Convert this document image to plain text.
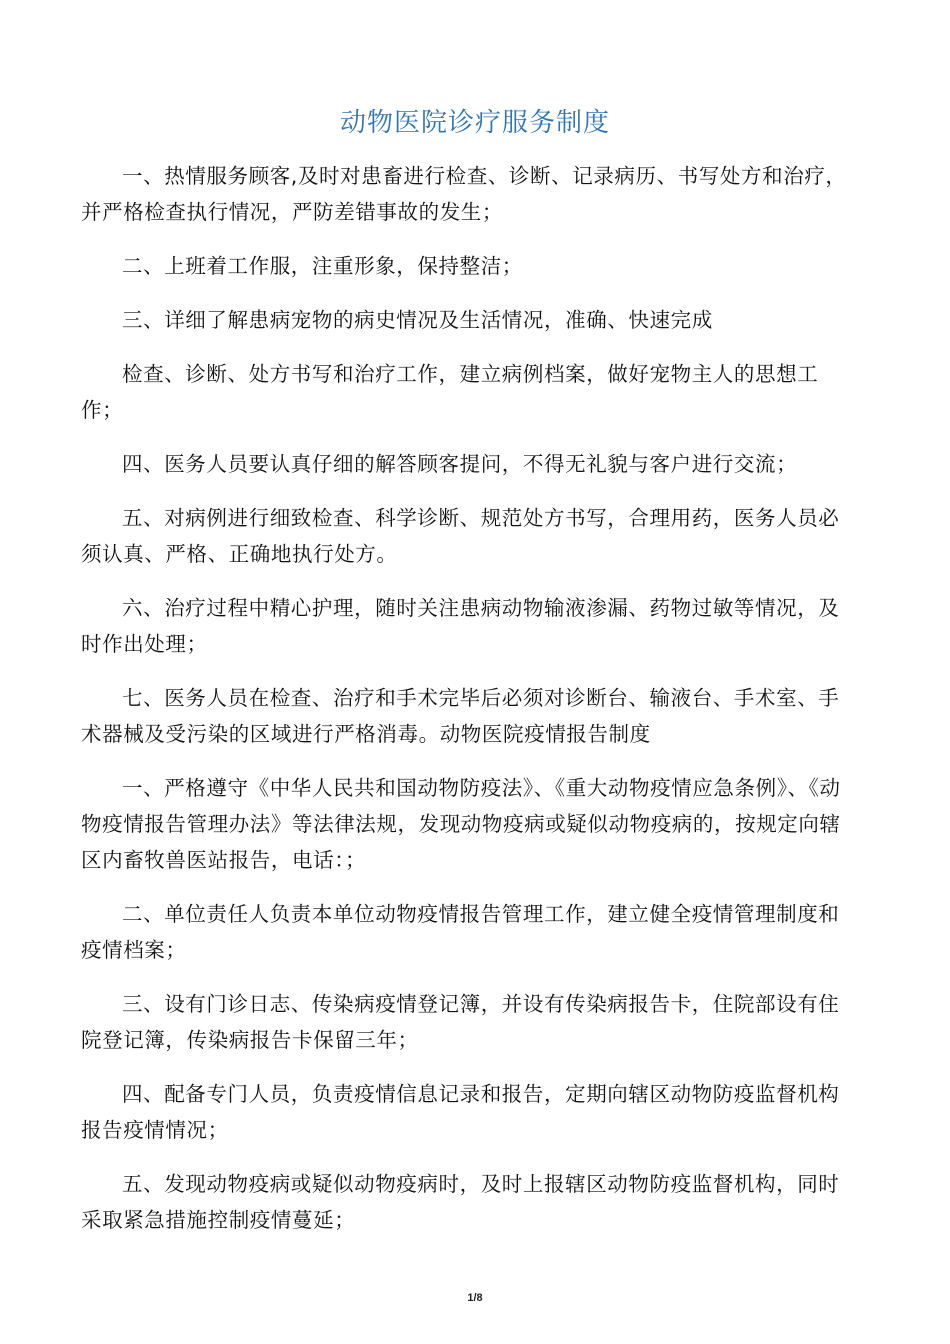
动物医院诊疗服务制度

一、热情服务顾客,及时对患畜进行检查、诊断、记录病历、书写处方和治疗，并严格检查执行情况，严防差错事故的发生；

二、上班着工作服，注重形象，保持整洁；

三、详细了解患病宠物的病史情况及生活情况，准确、快速完成

检查、诊断、处方书写和治疗工作，建立病例档案，做好宠物主人的思想工作；

四、医务人员要认真仔细的解答顾客提问，不得无礼貌与客户进行交流；

五、对病例进行细致检查、科学诊断、规范处方书写，合理用药，医务人员必须认真、严格、正确地执行处方。

六、治疗过程中精心护理，随时关注患病动物输液渗漏、药物过敏等情况，及时作出处理；

七、医务人员在检查、治疗和手术完毕后必须对诊断台、输液台、手术室、手术器械及受污染的区域进行严格消毒。动物医院疫情报告制度

一、严格遵守《中华人民共和国动物防疫法》、《重大动物疫情应急条例》、《动物疫情报告管理办法》等法律法规，发现动物疫病或疑似动物疫病的，按规定向辖区内畜牧兽医站报告，电话：；

二、单位责任人负责本单位动物疫情报告管理工作，建立健全疫情管理制度和疫情档案；

三、设有门诊日志、传染病疫情登记簿，并设有传染病报告卡，住院部设有住院登记簿，传染病报告卡保留三年；

四、配备专门人员，负责疫情信息记录和报告，定期向辖区动物防疫监督机构报告疫情情况；

五、发现动物疫病或疑似动物疫病时，及时上报辖区动物防疫监督机构，同时采取紧急措施控制疫情蔓延；

1/8
